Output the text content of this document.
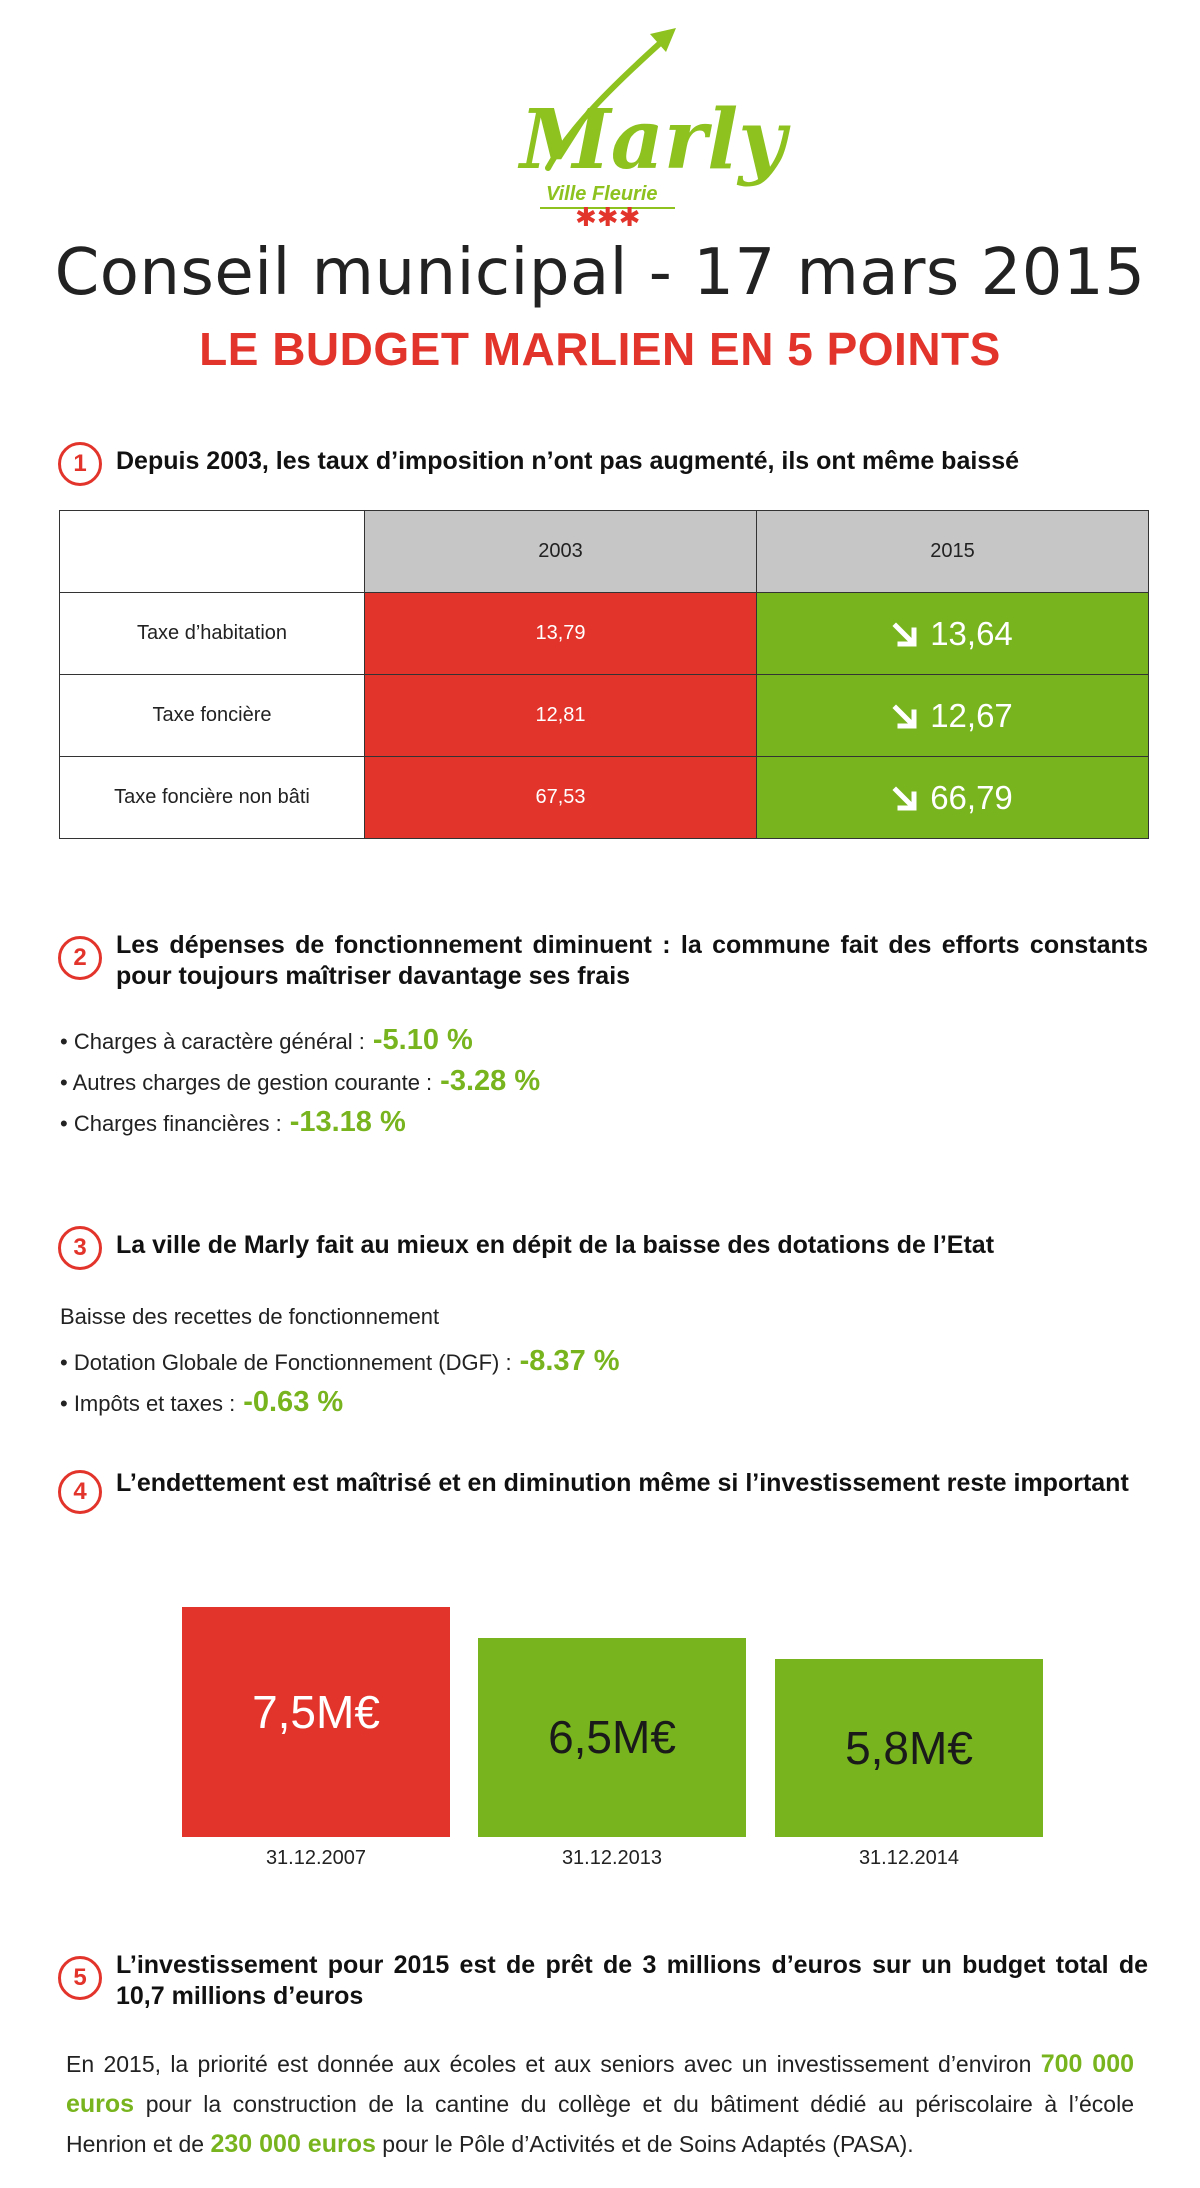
Marly
Ville Fleurie
✱✱✱
Conseil municipal - 17 mars 2015
LE BUDGET MARLIEN EN 5 POINTS
1	Depuis 2003, les taux d’imposition n’ont pas augmenté, ils ont même baissé
	2003	2015
Taxe d’habitation	13,79	13,64
Taxe foncière	12,81	12,67
Taxe foncière non bâti	67,53	66,79
2	Les dépenses de fonctionnement diminuent : la commune fait des efforts constants pour toujours maîtriser davantage ses frais
• Charges à caractère général : -5.10 %
• Autres charges de gestion courante : -3.28 %
• Charges financières : -13.18 %
3	La ville de Marly fait au mieux en dépit de la baisse des dotations de l’Etat
Baisse des recettes de fonctionnement
• Dotation Globale de Fonctionnement (DGF) : -8.37 %
• Impôts et taxes : -0.63 %
4	L’endettement est maîtrisé et en diminution même si l’investissement reste important
7,5M€
31.12.2007
6,5M€
31.12.2013
5,8M€
31.12.2014
5	L’investissement pour 2015 est de prêt de 3 millions d’euros sur un budget total de 10,7 millions d’euros
En 2015, la priorité est donnée aux écoles et aux seniors avec un investissement d’environ 700 000 euros pour la construction de la cantine du collège et du bâtiment dédié au périscolaire à l’école Henrion et de 230 000 euros pour le Pôle d’Activités et de Soins Adaptés (PASA).
